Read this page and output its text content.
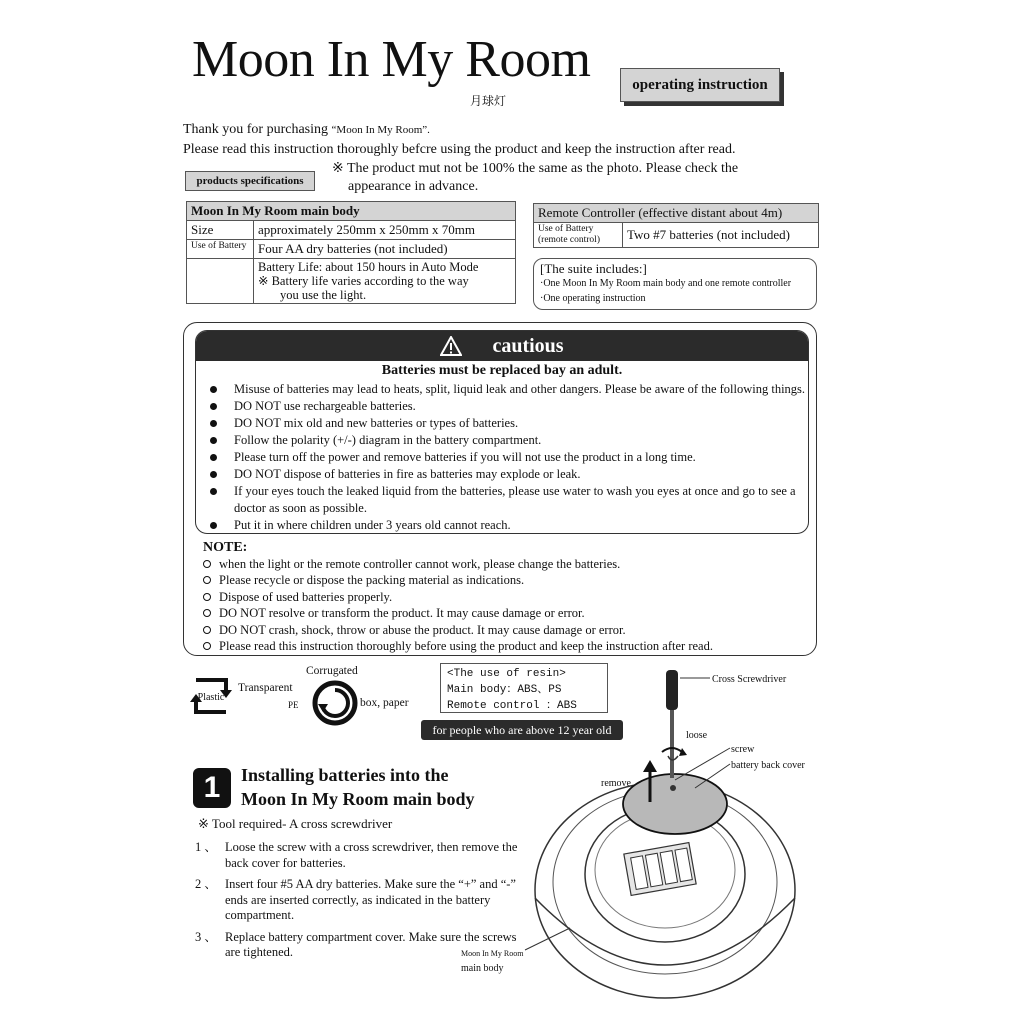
Moon In My Room
月球灯
operating instruction
Thank you for purchasing “Moon In My Room”.
Please read this instruction thoroughly befcre using the product and keep the instruction after read.
products specifications
※ The product mut not be 100% the same as the photo. Please check the
appearance in advance.
Moon In My Room main body	
Size	approximately 250mm x 250mm x 70mm
Use of Battery	Four AA dry batteries (not included)

	Battery Life: about 150 hours in Auto Mode
※ Battery life varies according to the way
you use the light.
Remote Controller (effective distant about 4m)
Use of Battery (remote control)	Two #7 batteries (not included)
[The suite includes:]
·One Moon In My Room main body and one remote controller
·One operating instruction
cautious
Batteries must be replaced bay an adult.
Misuse of batteries may lead to heats, split, liquid leak and other dangers. Please be aware of the following things.
DO NOT use rechargeable batteries.
DO NOT mix old and new batteries or types of batteries.
Follow the polarity (+/-) diagram in the battery compartment.
Please turn off the power and remove batteries if you will not use the product in a long time.
DO NOT dispose of batteries in fire as batteries may explode or leak.
If your eyes touch the leaked liquid from the batteries, please use water to wash you eyes at once and go to see a doctor as soon as possible.
Put it in where children under 3 years old cannot reach.
NOTE:
when the light or the remote controller cannot work, please change the batteries.
Please recycle or dispose the packing material as indications.
Dispose of used batteries properly.
DO NOT resolve or transform the product. It may cause damage or error.
DO NOT crash, shock, throw or abuse the product. It may cause damage or error.
Please read this instruction thoroughly before using the product and keep the instruction after read.
Plastic
Transparent
PE
Corrugated
box, paper
<The use of resin>
Main body：ABS、PS
Remote control ：ABS
for people who are above 12 year old
1	Installing batteries into the
Moon In My Room main body
※ Tool required- A cross screwdriver
1 、 Loose the screw with a cross screwdriver, then remove the back cover for batteries.
2 、 Insert four #5 AA dry batteries. Make sure the “+” and “-” ends are inserted correctly, as indicated in the battery compartment.
3 、 Replace battery compartment cover. Make sure the screws are tightened.
Cross Screwdriver
loose
screw
battery back cover
remove
Moon In My Room
main body
